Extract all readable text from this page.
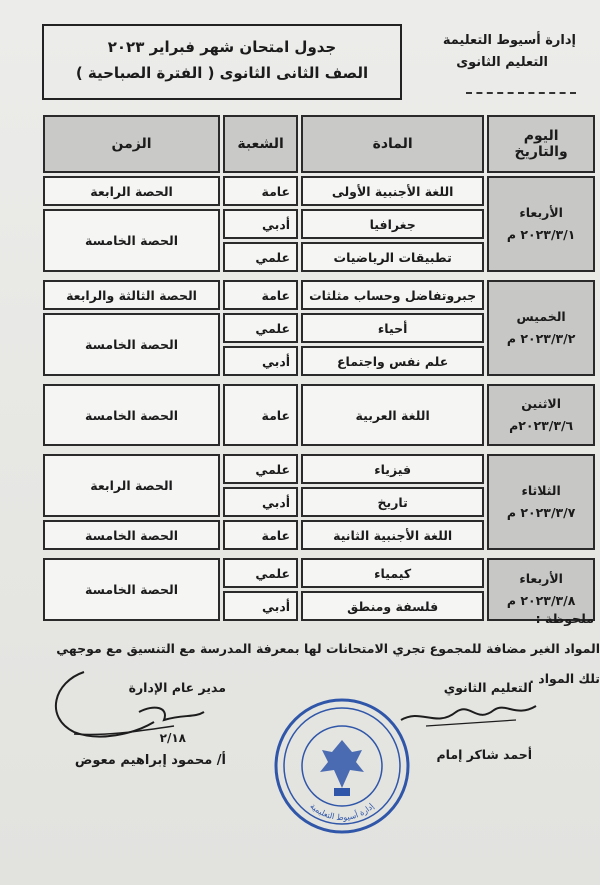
إدارة أسيوط التعليمة
التعليم الثانوى
جدول امتحان شهر فبراير ٢٠٢٣
الصف الثانى الثانوى ( الفترة الصباحية )
اليوم والتاريخ	المادة	الشعبة	الزمن

الأربعاء
٢٠٢٣/٣/١ م	اللغة الأجنبية الأولى	عامة	الحصة الرابعة
	جغرافيا	أدبي	الحصة الخامسة
	تطبيقات الرياضيات	علمي	

الخميس
٢٠٢٣/٣/٢ م	جبروتفاضل وحساب مثلثات	عامة	الحصة الثالثة والرابعة
	أحياء	علمي	الحصة الخامسة
	علم نفس واجتماع	أدبي	

الاثنين
٢٠٢٣/٣/٦م	اللغة العربية	عامة	الحصة الخامسة

الثلاثاء
٢٠٢٣/٣/٧ م	فيزياء	علمي	الحصة الرابعة
	تاريخ	أدبي	
	اللغة الأجنبية الثانية	عامة	الحصة الخامسة

الأربعاء
٢٠٢٣/٣/٨ م	كيمياء	علمي	الحصة الخامسة
	فلسفة ومنطق	أدبي	
ملحوظة :
المواد الغير مضافة للمجموع تجري الامتحانات لها بمعرفة المدرسة مع التنسيق مع موجهي تلك المواد .
التعليم الثانوي
أحمد شاكر إمام
مدير عام الإدارة
٢/١٨
أ/ محمود إبراهيم معوض
إدارة أسيوط التعليمية
